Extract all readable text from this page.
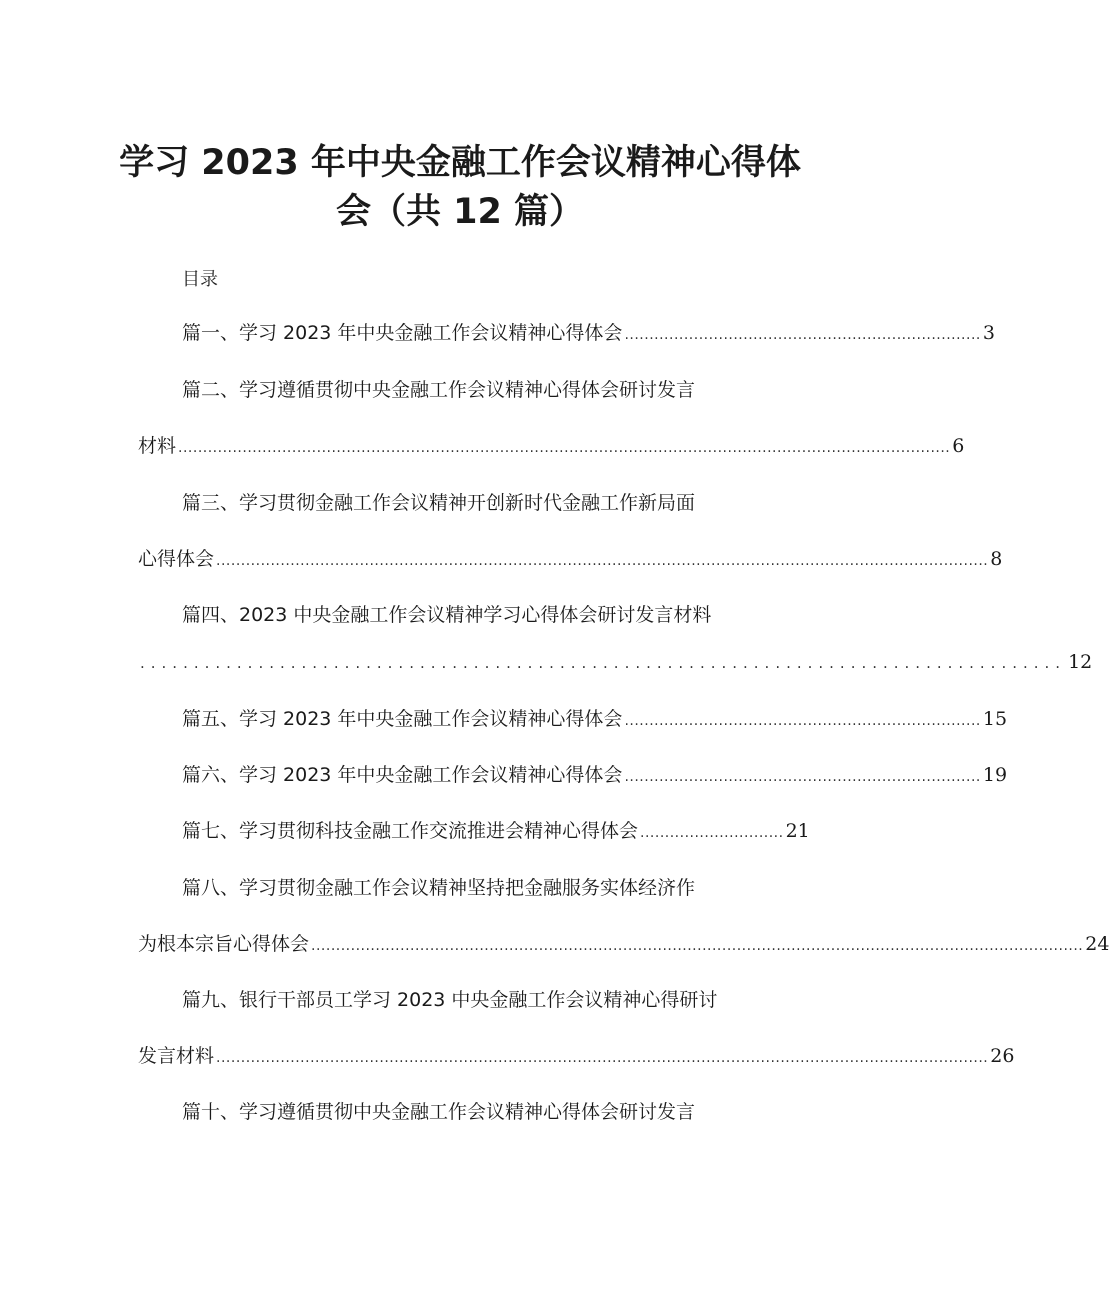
学习 2023 年中央金融工作会议精神心得体
会（共 12 篇）
目录
篇一、学习 2023 年中央金融工作会议精神心得体会 ........................................................................ 3
篇二、学习遵循贯彻中央金融工作会议精神心得体会研讨发言
材料 ............................................................................................................................................................ 6
篇三、学习贯彻金融工作会议精神开创新时代金融工作新局面
心得体会 ............................................................................................................................................................ 8
篇四、2023 中央金融工作会议精神学习心得体会研讨发言材料
...................................................................................... 12
篇五、学习 2023 年中央金融工作会议精神心得体会 ........................................................................ 15
篇六、学习 2023 年中央金融工作会议精神心得体会 ........................................................................ 19
篇七、学习贯彻科技金融工作交流推进会精神心得体会 ............................. 21
篇八、学习贯彻金融工作会议精神坚持把金融服务实体经济作
为根本宗旨心得体会 ............................................................................................................................................................ 24
篇九、银行干部员工学习 2023 中央金融工作会议精神心得研讨
发言材料 ............................................................................................................................................................ 26
篇十、学习遵循贯彻中央金融工作会议精神心得体会研讨发言
